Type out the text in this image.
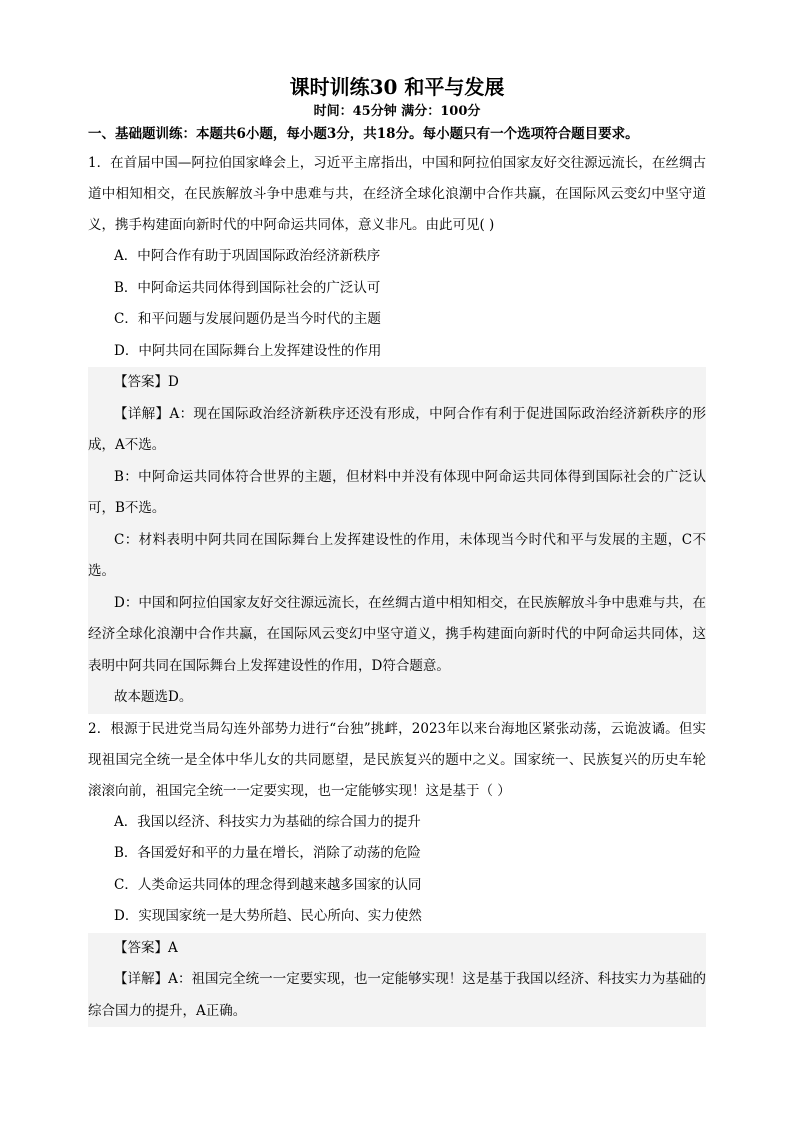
课时训练30 和平与发展

时间：45分钟 满分：100分

一、基础题训练：本题共6小题，每小题3分，共18分。每小题只有一个选项符合题目要求。

1．在首届中国—阿拉伯国家峰会上，习近平主席指出，中国和阿拉伯国家友好交往源远流长，在丝绸古道中相知相交，在民族解放斗争中患难与共，在经济全球化浪潮中合作共赢，在国际风云变幻中坚守道义，携手构建面向新时代的中阿命运共同体，意义非凡。由此可见( )

A．中阿合作有助于巩固国际政治经济新秩序

B．中阿命运共同体得到国际社会的广泛认可

C．和平问题与发展问题仍是当今时代的主题

D．中阿共同在国际舞台上发挥建设性的作用

【答案】D

【详解】A：现在国际政治经济新秩序还没有形成，中阿合作有利于促进国际政治经济新秩序的形成，A不选。

B：中阿命运共同体符合世界的主题，但材料中并没有体现中阿命运共同体得到国际社会的广泛认可，B不选。

C：材料表明中阿共同在国际舞台上发挥建设性的作用，未体现当今时代和平与发展的主题，C不选。

D：中国和阿拉伯国家友好交往源远流长，在丝绸古道中相知相交，在民族解放斗争中患难与共，在经济全球化浪潮中合作共赢，在国际风云变幻中坚守道义，携手构建面向新时代的中阿命运共同体，这表明中阿共同在国际舞台上发挥建设性的作用，D符合题意。

故本题选D。

2．根源于民进党当局勾连外部势力进行“台独”挑衅，2023年以来台海地区紧张动荡，云诡波谲。但实现祖国完全统一是全体中华儿女的共同愿望，是民族复兴的题中之义。国家统一、民族复兴的历史车轮滚滚向前，祖国完全统一一定要实现，也一定能够实现！这是基于（ ）

A．我国以经济、科技实力为基础的综合国力的提升

B．各国爱好和平的力量在增长，消除了动荡的危险

C．人类命运共同体的理念得到越来越多国家的认同

D．实现国家统一是大势所趋、民心所向、实力使然

【答案】A

【详解】A：祖国完全统一一定要实现，也一定能够实现！这是基于我国以经济、科技实力为基础的综合国力的提升，A正确。
